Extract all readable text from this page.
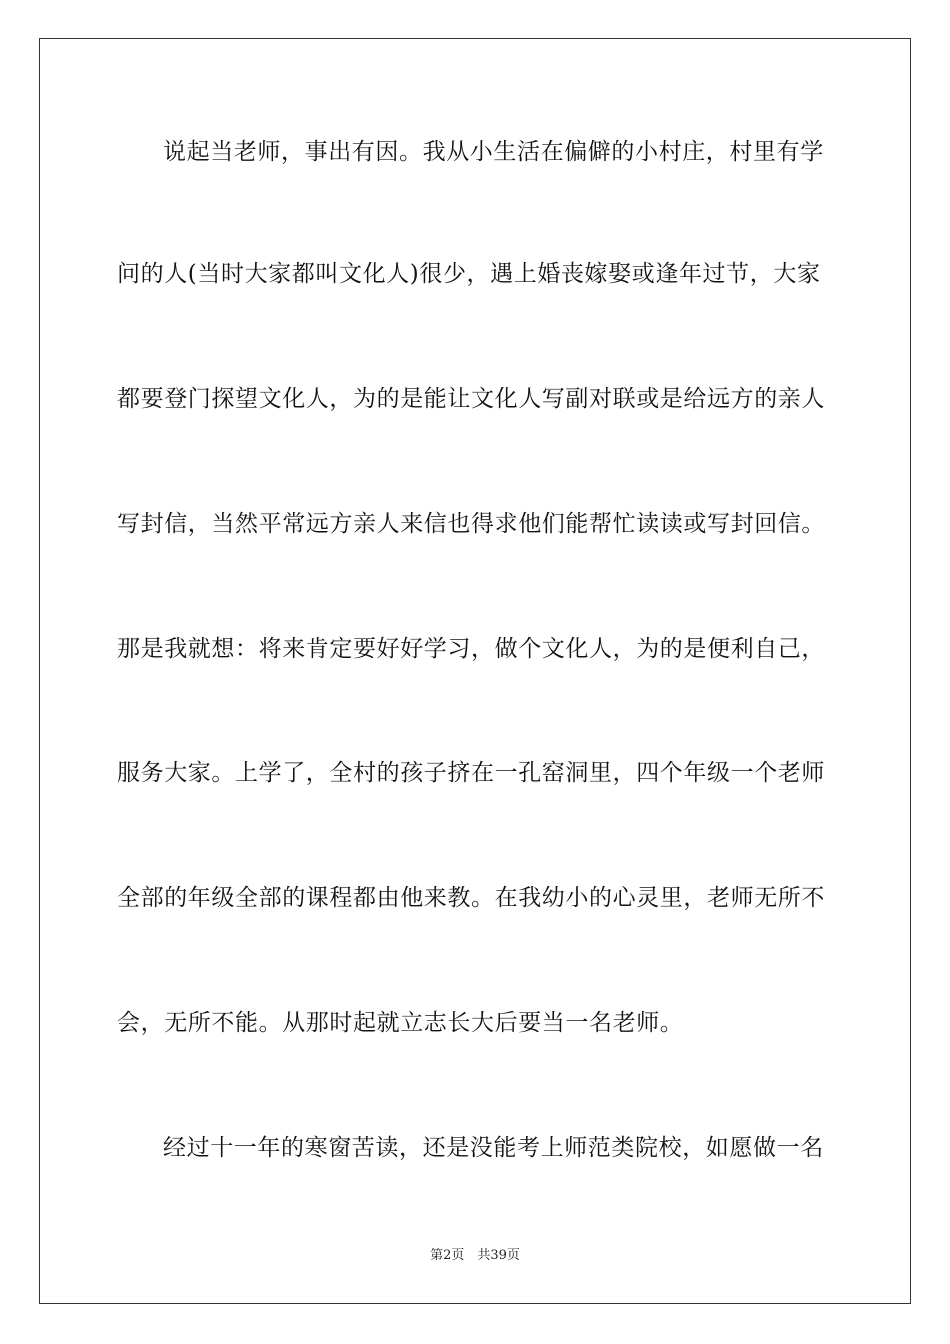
说起当老师，事出有因。我从小生活在偏僻的小村庄，村里有学
问的人(当时大家都叫文化人)很少，遇上婚丧嫁娶或逢年过节，大家
都要登门探望文化人，为的是能让文化人写副对联或是给远方的亲人
写封信，当然平常远方亲人来信也得求他们能帮忙读读或写封回信。
那是我就想：将来肯定要好好学习，做个文化人，为的是便利自己，
服务大家。上学了，全村的孩子挤在一孔窑洞里，四个年级一个老师
全部的年级全部的课程都由他来教。在我幼小的心灵里，老师无所不
会，无所不能。从那时起就立志长大后要当一名老师。
经过十一年的寒窗苦读，还是没能考上师范类院校，如愿做一名
第2页　共39页
